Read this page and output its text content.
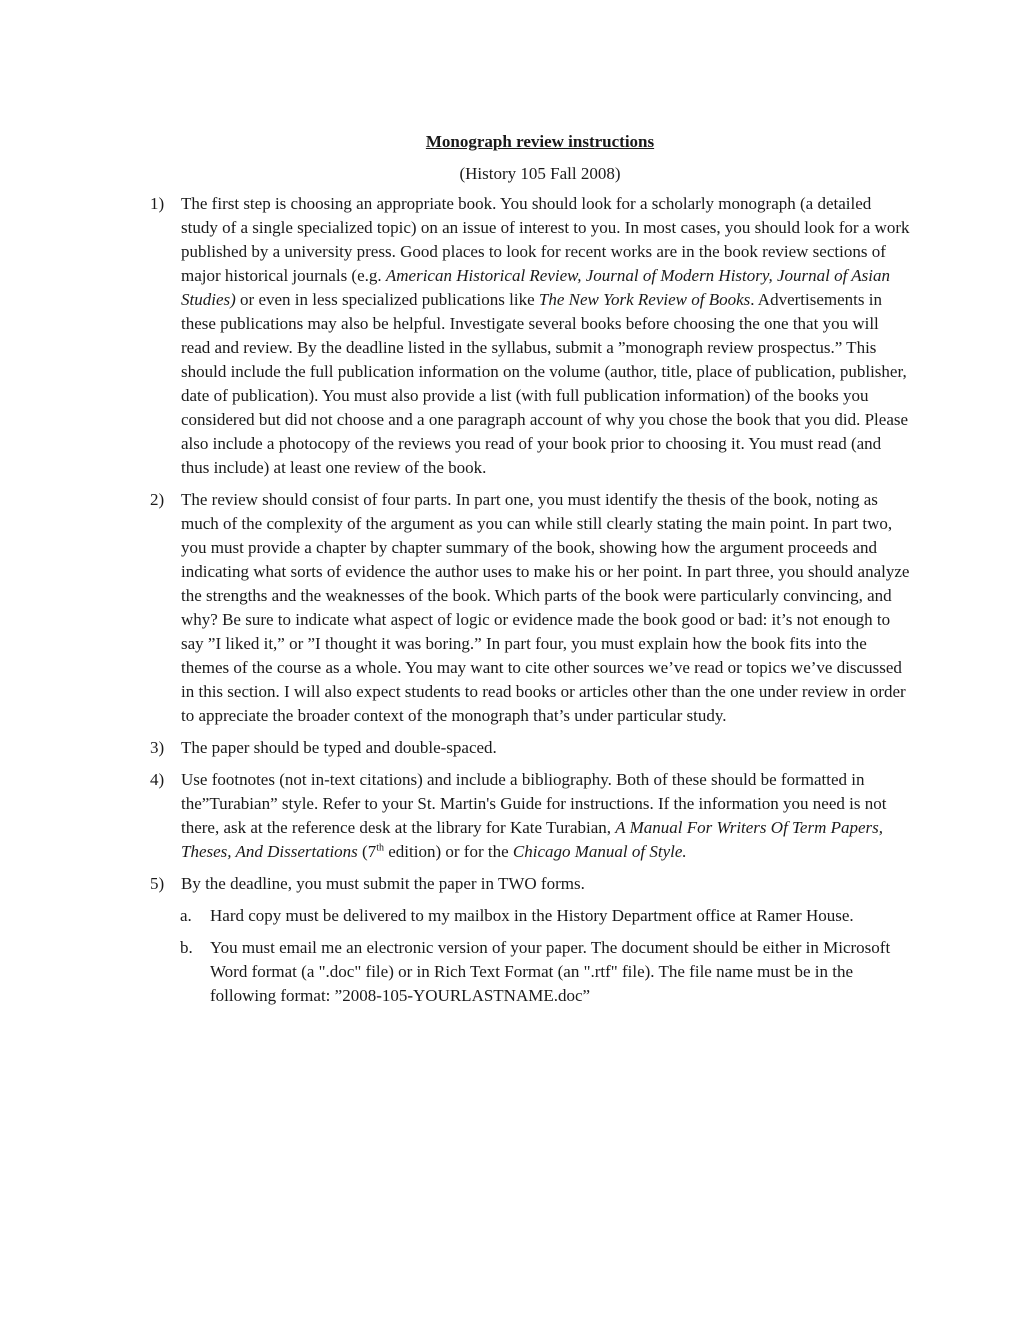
Monograph review instructions

(History 105 Fall 2008)

1) The first step is choosing an appropriate book. You should look for a scholarly monograph (a detailed study of a single specialized topic) on an issue of interest to you. In most cases, you should look for a work published by a university press. Good places to look for recent works are in the book review sections of major historical journals (e.g. American Historical Review, Journal of Modern History, Journal of Asian Studies) or even in less specialized publications like The New York Review of Books. Advertisements in these publications may also be helpful. Investigate several books before choosing the one that you will read and review. By the deadline listed in the syllabus, submit a ”monograph review prospectus.” This should include the full publication information on the volume (author, title, place of publication, publisher, date of publication). You must also provide a list (with full publication information) of the books you considered but did not choose and a one paragraph account of why you chose the book that you did. Please also include a photocopy of the reviews you read of your book prior to choosing it. You must read (and thus include) at least one review of the book.

2) The review should consist of four parts. In part one, you must identify the thesis of the book, noting as much of the complexity of the argument as you can while still clearly stating the main point. In part two, you must provide a chapter by chapter summary of the book, showing how the argument proceeds and indicating what sorts of evidence the author uses to make his or her point. In part three, you should analyze the strengths and the weaknesses of the book. Which parts of the book were particularly convincing, and why? Be sure to indicate what aspect of logic or evidence made the book good or bad: it’s not enough to say ”I liked it,” or ”I thought it was boring.” In part four, you must explain how the book fits into the themes of the course as a whole. You may want to cite other sources we’ve read or topics we’ve discussed in this section. I will also expect students to read books or articles other than the one under review in order to appreciate the broader context of the monograph that’s under particular study.

3) The paper should be typed and double-spaced.

4) Use footnotes (not in-text citations) and include a bibliography. Both of these should be formatted in the”Turabian” style. Refer to your St. Martin's Guide for instructions. If the information you need is not there, ask at the reference desk at the library for Kate Turabian, A Manual For Writers Of Term Papers, Theses, And Dissertations (7th edition) or for the Chicago Manual of Style.

5) By the deadline, you must submit the paper in TWO forms.

a. Hard copy must be delivered to my mailbox in the History Department office at Ramer House.

b. You must email me an electronic version of your paper. The document should be either in Microsoft Word format (a ".doc" file) or in Rich Text Format (an ".rtf" file). The file name must be in the following format: ”2008-105-YOURLASTNAME.doc”
